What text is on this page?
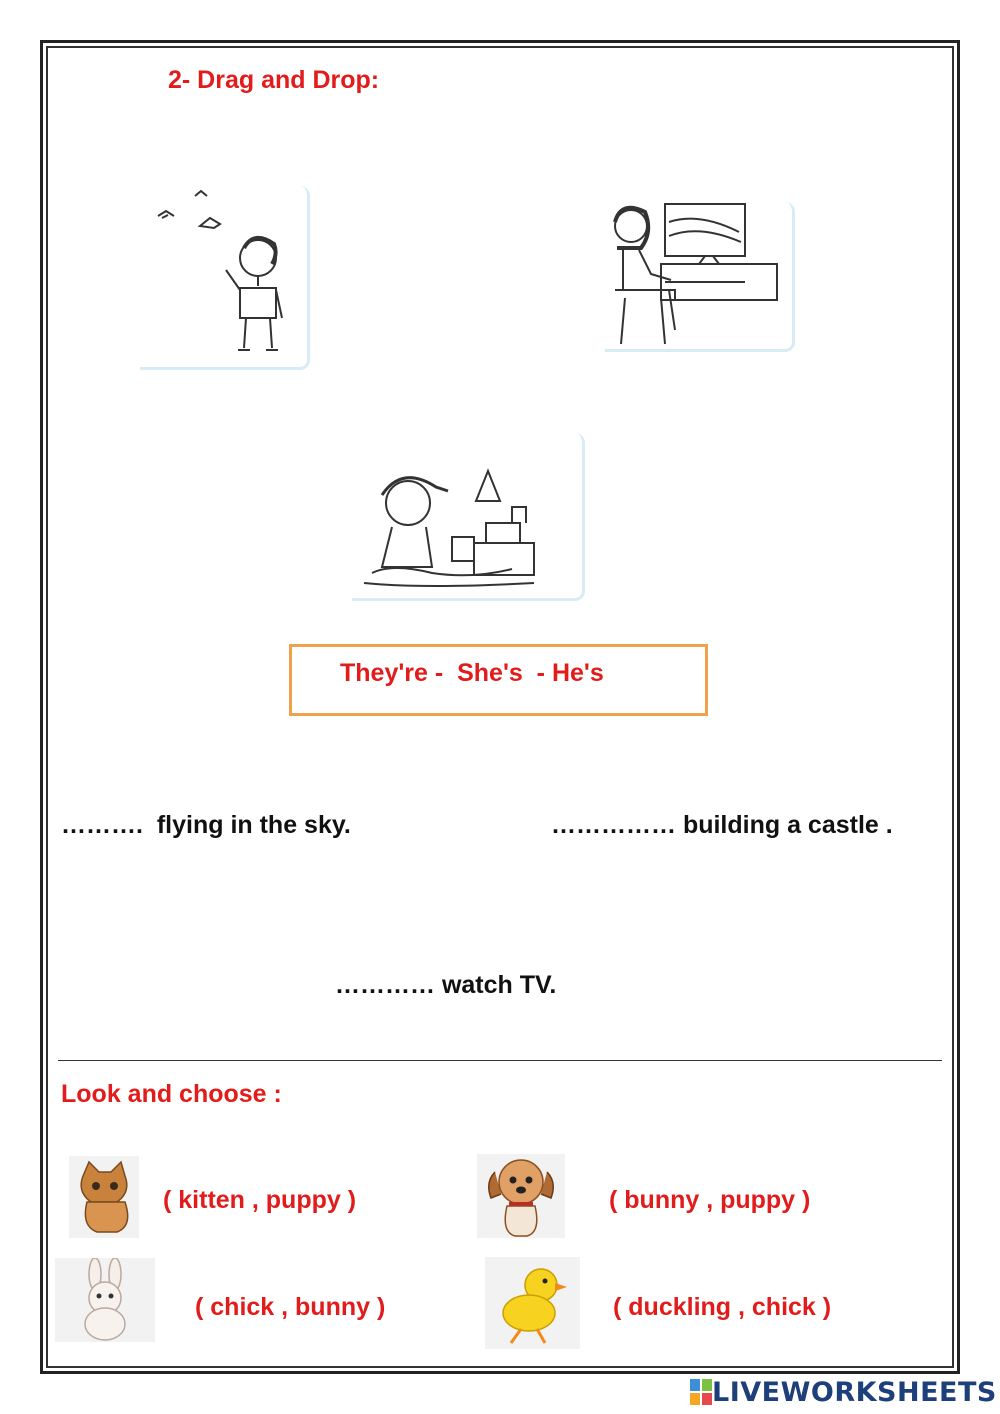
2- Drag and Drop:
They're -  She's  - He's
……….  flying in the sky.	…………… building a castle .
………… watch TV.
Look and choose :
( kitten , puppy )	( bunny , puppy )
( chick , bunny )	( duckling , chick )
LIVEWORKSHEETS
